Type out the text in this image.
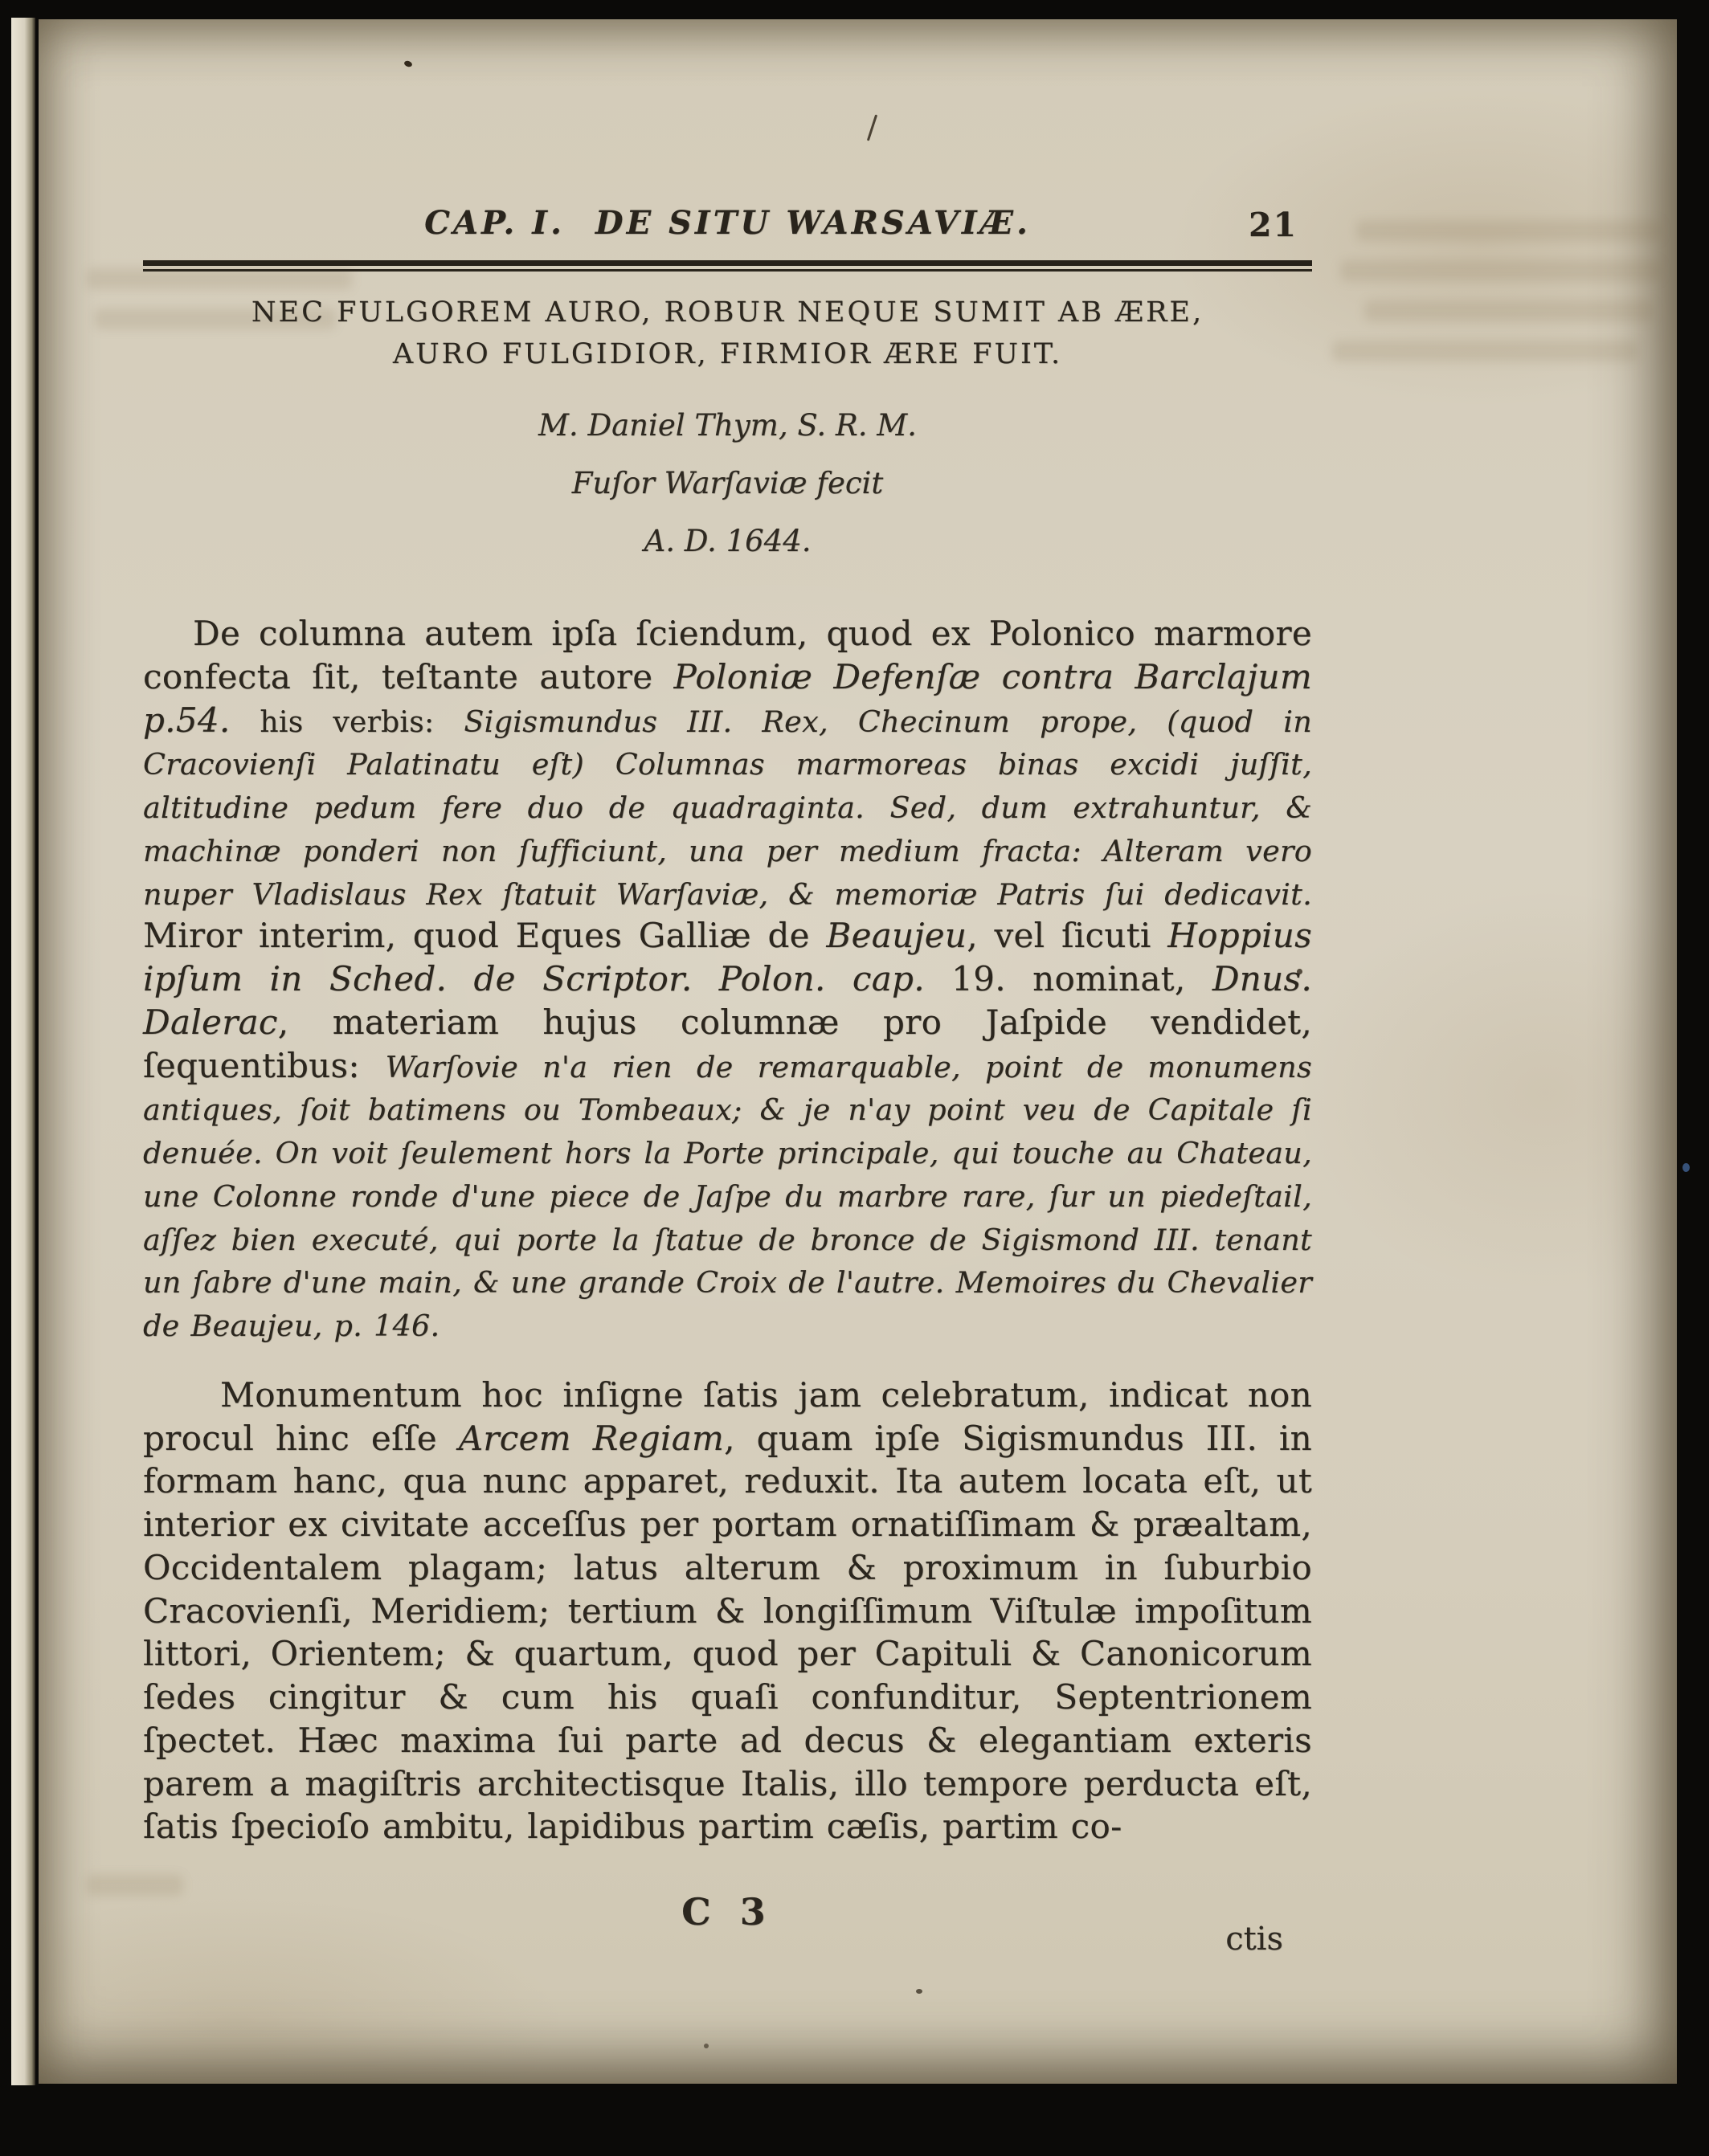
CAP. I. DE SITU WARSAVIÆ.	21
NEC FULGOREM AURO, ROBUR NEQUE SUMIT AB ÆRE,
AURO FULGIDIOR, FIRMIOR ÆRE FUIT.
M. Daniel Thym, S. R. M.
Fuſor Warſaviæ fecit
A. D. 1644.

De columna autem ipſa ſciendum, quod ex Polonico marmore confecta ſit, teſtante autore Poloniæ Defenſæ contra Barclajum p.54. his verbis: Sigismundus III. Rex, Checinum prope, (quod in Cracovienſi Palatinatu eſt) Columnas marmoreas binas excidi juſſit, altitudine pedum fere duo de quadraginta. Sed, dum extrahuntur, & machinæ ponderi non ſufficiunt, una per medium fracta: Alteram vero nuper Vladislaus Rex ſtatuit Warſaviæ, & memoriæ Patris ſui dedicavit. Miror interim, quod Eques Galliæ de Beaujeu, vel ſicuti Hoppius ipſum in Sched. de Scriptor. Polon. cap. 19. nominat, Dnus. Dalerac, materiam hujus columnæ pro Jaſpide vendidet, ſequentibus: Warſovie n'a rien de remarquable, point de monumens antiques, ſoit batimens ou Tombeaux; & je n'ay point veu de Capitale ſi denuée. On voit ſeulement hors la Porte principale, qui touche au Chateau, une Colonne ronde d'une piece de Jaſpe du marbre rare, ſur un piedeſtail, aſſez bien executé, qui porte la ſtatue de bronce de Sigismond III. tenant un ſabre d'une main, & une grande Croix de l'autre. Memoires du Chevalier de Beaujeu, p. 146.

Monumentum hoc inſigne ſatis jam celebratum, indicat non procul hinc eſſe Arcem Regiam, quam ipſe Sigismundus III. in formam hanc, qua nunc apparet, reduxit. Ita autem locata eſt, ut interior ex civitate acceſſus per portam ornatiſſimam & præaltam, Occidentalem plagam; latus alterum & proximum in ſuburbio Cracovienſi, Meridiem; tertium & longiſſimum Viſtulæ impoſitum littori, Orientem; & quartum, quod per Capituli & Canonicorum ſedes cingitur & cum his quaſi confunditur, Septentrionem ſpectet. Hæc maxima ſui parte ad decus & elegantiam exteris parem a magiſtris architectisque Italis, illo tempore perducta eſt, ſatis ſpecioſo ambitu, lapidibus partim cæſis, partim co-

C 3
ctis
